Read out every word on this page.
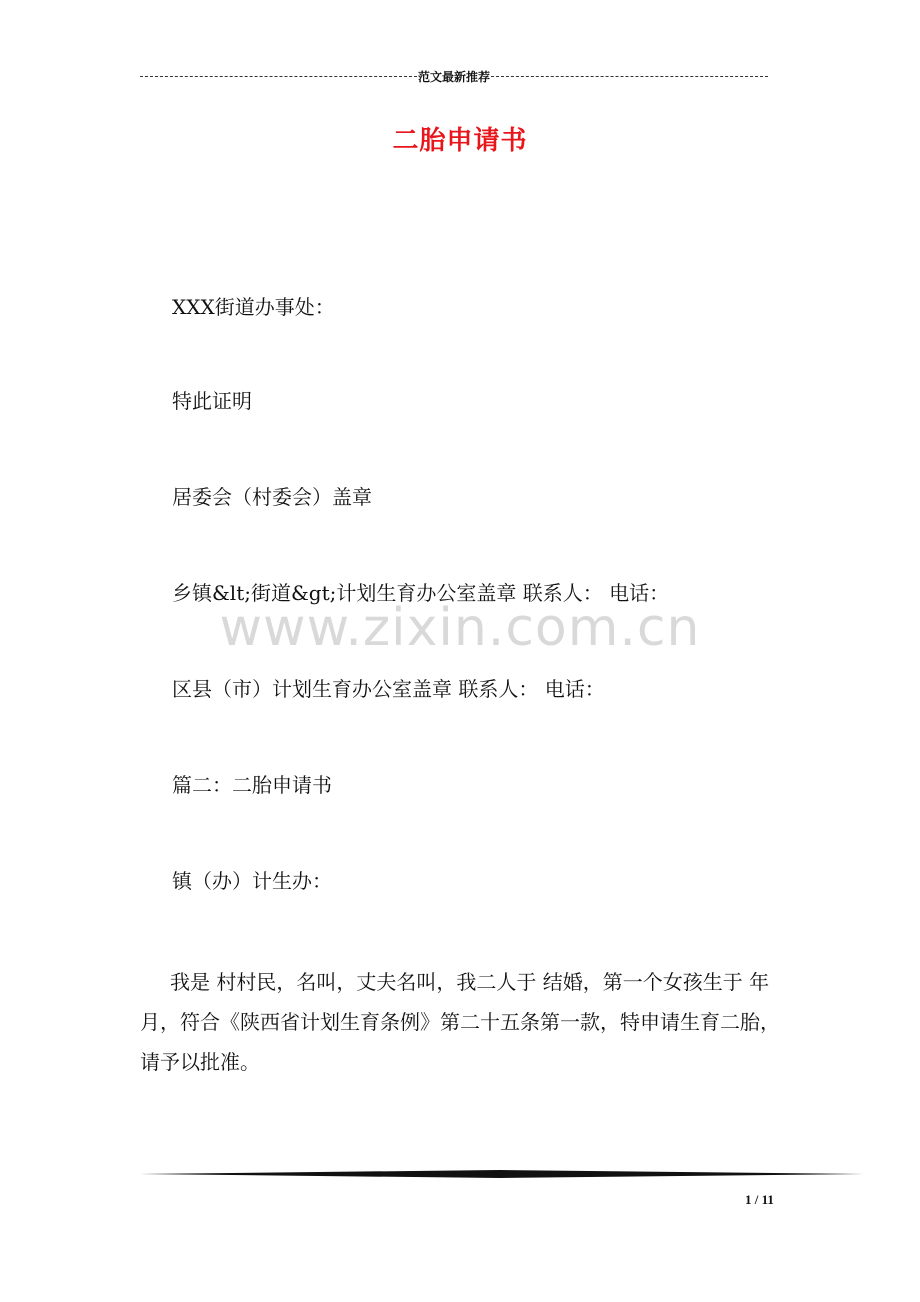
范文最新推荐
二胎申请书
XXX街道办事处：
特此证明
居委会（村委会）盖章
乡镇&lt;街道&gt;计划生育办公室盖章 联系人： 电话：
区县（市）计划生育办公室盖章 联系人： 电话：
篇二：二胎申请书
镇（办）计生办：
我是 村村民，名叫，丈夫名叫，我二人于 结婚，第一个女孩生于 年 月，符合《陕西省计划生育条例》第二十五条第一款，特申请生育二胎，请予以批准。
www.zixin.com.cn
1 / 11
